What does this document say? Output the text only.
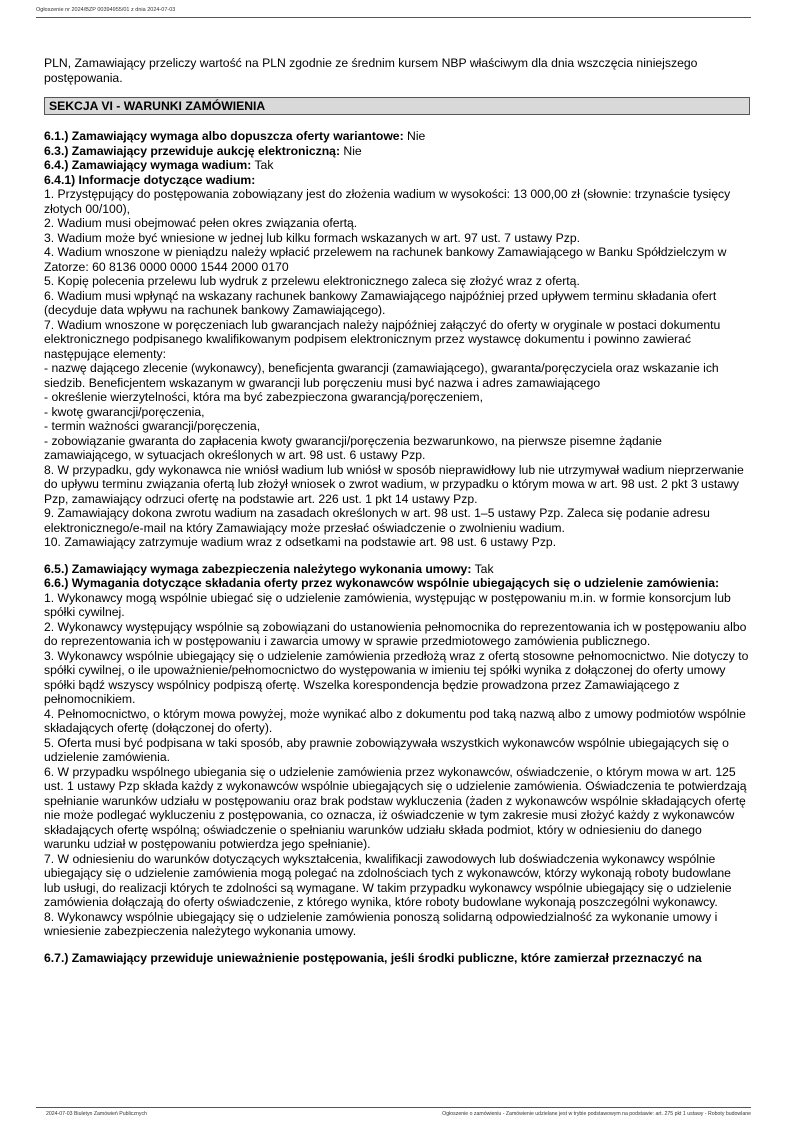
Ogłoszenie nr 2024/BZP 00394955/01 z dnia 2024-07-03

PLN, Zamawiający przeliczy wartość na PLN zgodnie ze średnim kursem NBP właściwym dla dnia wszczęcia niniejszego postępowania.

SEKCJA VI - WARUNKI ZAMÓWIENIA

6.1.) Zamawiający wymaga albo dopuszcza oferty wariantowe: Nie

6.3.) Zamawiający przewiduje aukcję elektroniczną: Nie

6.4.) Zamawiający wymaga wadium: Tak

6.4.1) Informacje dotyczące wadium:

1. Przystępujący do postępowania zobowiązany jest do złożenia wadium w wysokości: 13 000,00 zł (słownie: trzynaście tysięcy złotych 00/100),

2. Wadium musi obejmować pełen okres związania ofertą.

3. Wadium może być wniesione w jednej lub kilku formach wskazanych w art. 97 ust. 7 ustawy Pzp.

4. Wadium wnoszone w pieniądzu należy wpłacić przelewem na rachunek bankowy Zamawiającego w Banku Spółdzielczym w Zatorze: 60 8136 0000 0000 1544 2000 0170

5. Kopię polecenia przelewu lub wydruk z przelewu elektronicznego zaleca się złożyć wraz z ofertą.

6. Wadium musi wpłynąć na wskazany rachunek bankowy Zamawiającego najpóźniej przed upływem terminu składania ofert (decyduje data wpływu na rachunek bankowy Zamawiającego).

7. Wadium wnoszone w poręczeniach lub gwarancjach należy najpóźniej załączyć do oferty w oryginale w postaci dokumentu elektronicznego podpisanego kwalifikowanym podpisem elektronicznym przez wystawcę dokumentu i powinno zawierać następujące elementy:

- nazwę dającego zlecenie (wykonawcy), beneficjenta gwarancji (zamawiającego), gwaranta/poręczyciela oraz wskazanie ich siedzib. Beneficjentem wskazanym w gwarancji lub poręczeniu musi być nazwa i adres zamawiającego

- określenie wierzytelności, która ma być zabezpieczona gwarancją/poręczeniem,

- kwotę gwarancji/poręczenia,

- termin ważności gwarancji/poręczenia,

- zobowiązanie gwaranta do zapłacenia kwoty gwarancji/poręczenia bezwarunkowo, na pierwsze pisemne żądanie zamawiającego, w sytuacjach określonych w art. 98 ust. 6 ustawy Pzp.

8. W przypadku, gdy wykonawca nie wniósł wadium lub wniósł w sposób nieprawidłowy lub nie utrzymywał wadium nieprzerwanie do upływu terminu związania ofertą lub złożył wniosek o zwrot wadium, w przypadku o którym mowa w art. 98 ust. 2 pkt 3 ustawy Pzp, zamawiający odrzuci ofertę na podstawie art. 226 ust. 1 pkt 14 ustawy Pzp.

9. Zamawiający dokona zwrotu wadium na zasadach określonych w art. 98 ust. 1–5 ustawy Pzp. Zaleca się podanie adresu elektronicznego/e-mail na który Zamawiający może przesłać oświadczenie o zwolnieniu wadium.

10. Zamawiający zatrzymuje wadium wraz z odsetkami na podstawie art. 98 ust. 6 ustawy Pzp.

6.5.) Zamawiający wymaga zabezpieczenia należytego wykonania umowy: Tak

6.6.) Wymagania dotyczące składania oferty przez wykonawców wspólnie ubiegających się o udzielenie zamówienia:

1. Wykonawcy mogą wspólnie ubiegać się o udzielenie zamówienia, występując w postępowaniu m.in. w formie konsorcjum lub spółki cywilnej.

2. Wykonawcy występujący wspólnie są zobowiązani do ustanowienia pełnomocnika do reprezentowania ich w postępowaniu albo do reprezentowania ich w postępowaniu i zawarcia umowy w sprawie przedmiotowego zamówienia publicznego.

3. Wykonawcy wspólnie ubiegający się o udzielenie zamówienia przedłożą wraz z ofertą stosowne pełnomocnictwo. Nie dotyczy to spółki cywilnej, o ile upoważnienie/pełnomocnictwo do występowania w imieniu tej spółki wynika z dołączonej do oferty umowy spółki bądź wszyscy wspólnicy podpiszą ofertę. Wszelka korespondencja będzie prowadzona przez Zamawiającego z pełnomocnikiem.

4. Pełnomocnictwo, o którym mowa powyżej, może wynikać albo z dokumentu pod taką nazwą albo z umowy podmiotów wspólnie składających ofertę (dołączonej do oferty).

5. Oferta musi być podpisana w taki sposób, aby prawnie zobowiązywała wszystkich wykonawców wspólnie ubiegających się o udzielenie zamówienia.

6. W przypadku wspólnego ubiegania się o udzielenie zamówienia przez wykonawców, oświadczenie, o którym mowa w art. 125 ust. 1 ustawy Pzp składa każdy z wykonawców wspólnie ubiegających się o udzielenie zamówienia. Oświadczenia te potwierdzają spełnianie warunków udziału w postępowaniu oraz brak podstaw wykluczenia (żaden z wykonawców wspólnie składających ofertę nie może podlegać wykluczeniu z postępowania, co oznacza, iż oświadczenie w tym zakresie musi złożyć każdy z wykonawców składających ofertę wspólną; oświadczenie o spełnianiu warunków udziału składa podmiot, który w odniesieniu do danego warunku udział w postępowaniu potwierdza jego spełnianie).

7. W odniesieniu do warunków dotyczących wykształcenia, kwalifikacji zawodowych lub doświadczenia wykonawcy wspólnie ubiegający się o udzielenie zamówienia mogą polegać na zdolnościach tych z wykonawców, którzy wykonają roboty budowlane lub usługi, do realizacji których te zdolności są wymagane. W takim przypadku wykonawcy wspólnie ubiegający się o udzielenie zamówienia dołączają do oferty oświadczenie, z którego wynika, które roboty budowlane wykonają poszczególni wykonawcy.

8. Wykonawcy wspólnie ubiegający się o udzielenie zamówienia ponoszą solidarną odpowiedzialność za wykonanie umowy i wniesienie zabezpieczenia należytego wykonania umowy.

6.7.) Zamawiający przewiduje unieważnienie postępowania, jeśli środki publiczne, które zamierzał przeznaczyć na

2024-07-03 Biuletyn Zamówień Publicznych	Ogłoszenie o zamówieniu - Zamówienie udzielane jest w trybie podstawowym na podstawie: art. 275 pkt 1 ustawy - Roboty budowlane
